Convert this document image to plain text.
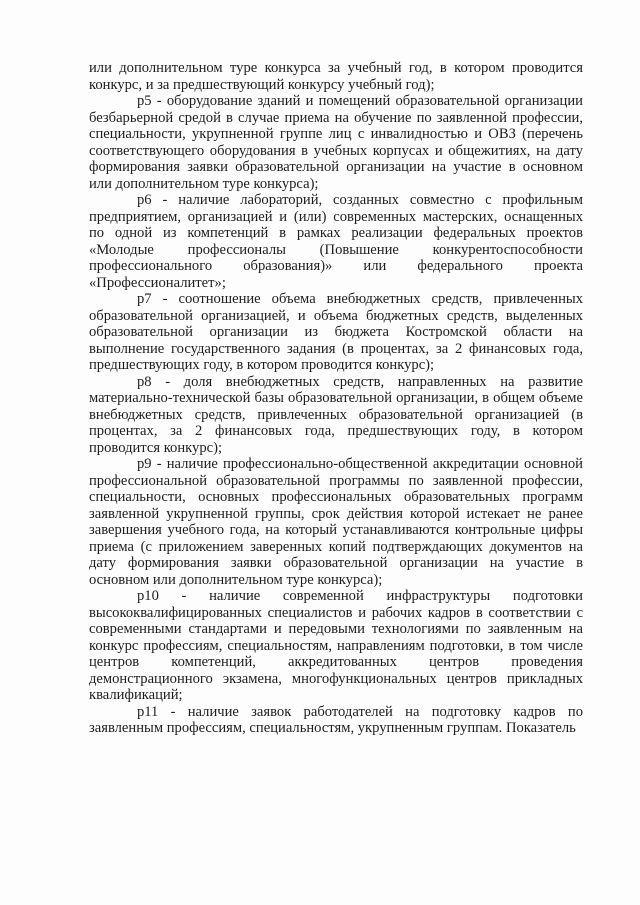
или дополнительном туре конкурса за учебный год, в котором проводится конкурс, и за предшествующий конкурсу учебный год);

р5 - оборудование зданий и помещений образовательной организации безбарьерной средой в случае приема на обучение по заявленной профессии, специальности, укрупненной группе лиц с инвалидностью и ОВЗ (перечень соответствующего оборудования в учебных корпусах и общежитиях, на дату формирования заявки образовательной организации на участие в основном или дополнительном туре конкурса);

р6 - наличие лабораторий, созданных совместно с профильным предприятием, организацией и (или) современных мастерских, оснащенных по одной из компетенций в рамках реализации федеральных проектов «Молодые профессионалы (Повышение конкурентоспособности профессионального образования)» или федерального проекта «Профессионалитет»;

р7 - соотношение объема внебюджетных средств, привлеченных образовательной организацией, и объема бюджетных средств, выделенных образовательной организации из бюджета Костромской области на выполнение государственного задания (в процентах, за 2 финансовых года, предшествующих году, в котором проводится конкурс);

р8 - доля внебюджетных средств, направленных на развитие материально-технической базы образовательной организации, в общем объеме внебюджетных средств, привлеченных образовательной организацией (в процентах, за 2 финансовых года, предшествующих году, в котором проводится конкурс);

р9 - наличие профессионально-общественной аккредитации основной профессиональной образовательной программы по заявленной профессии, специальности, основных профессиональных образовательных программ заявленной укрупненной группы, срок действия которой истекает не ранее завершения учебного года, на который устанавливаются контрольные цифры приема (с приложением заверенных копий подтверждающих документов на дату формирования заявки образовательной организации на участие в основном или дополнительном туре конкурса);

р10 - наличие современной инфраструктуры подготовки высококвалифицированных специалистов и рабочих кадров в соответствии с современными стандартами и передовыми технологиями по заявленным на конкурс профессиям, специальностям, направлениям подготовки, в том числе центров компетенций, аккредитованных центров проведения демонстрационного экзамена, многофункциональных центров прикладных квалификаций;

р11 - наличие заявок работодателей на подготовку кадров по заявленным профессиям, специальностям, укрупненным группам. Показатель
